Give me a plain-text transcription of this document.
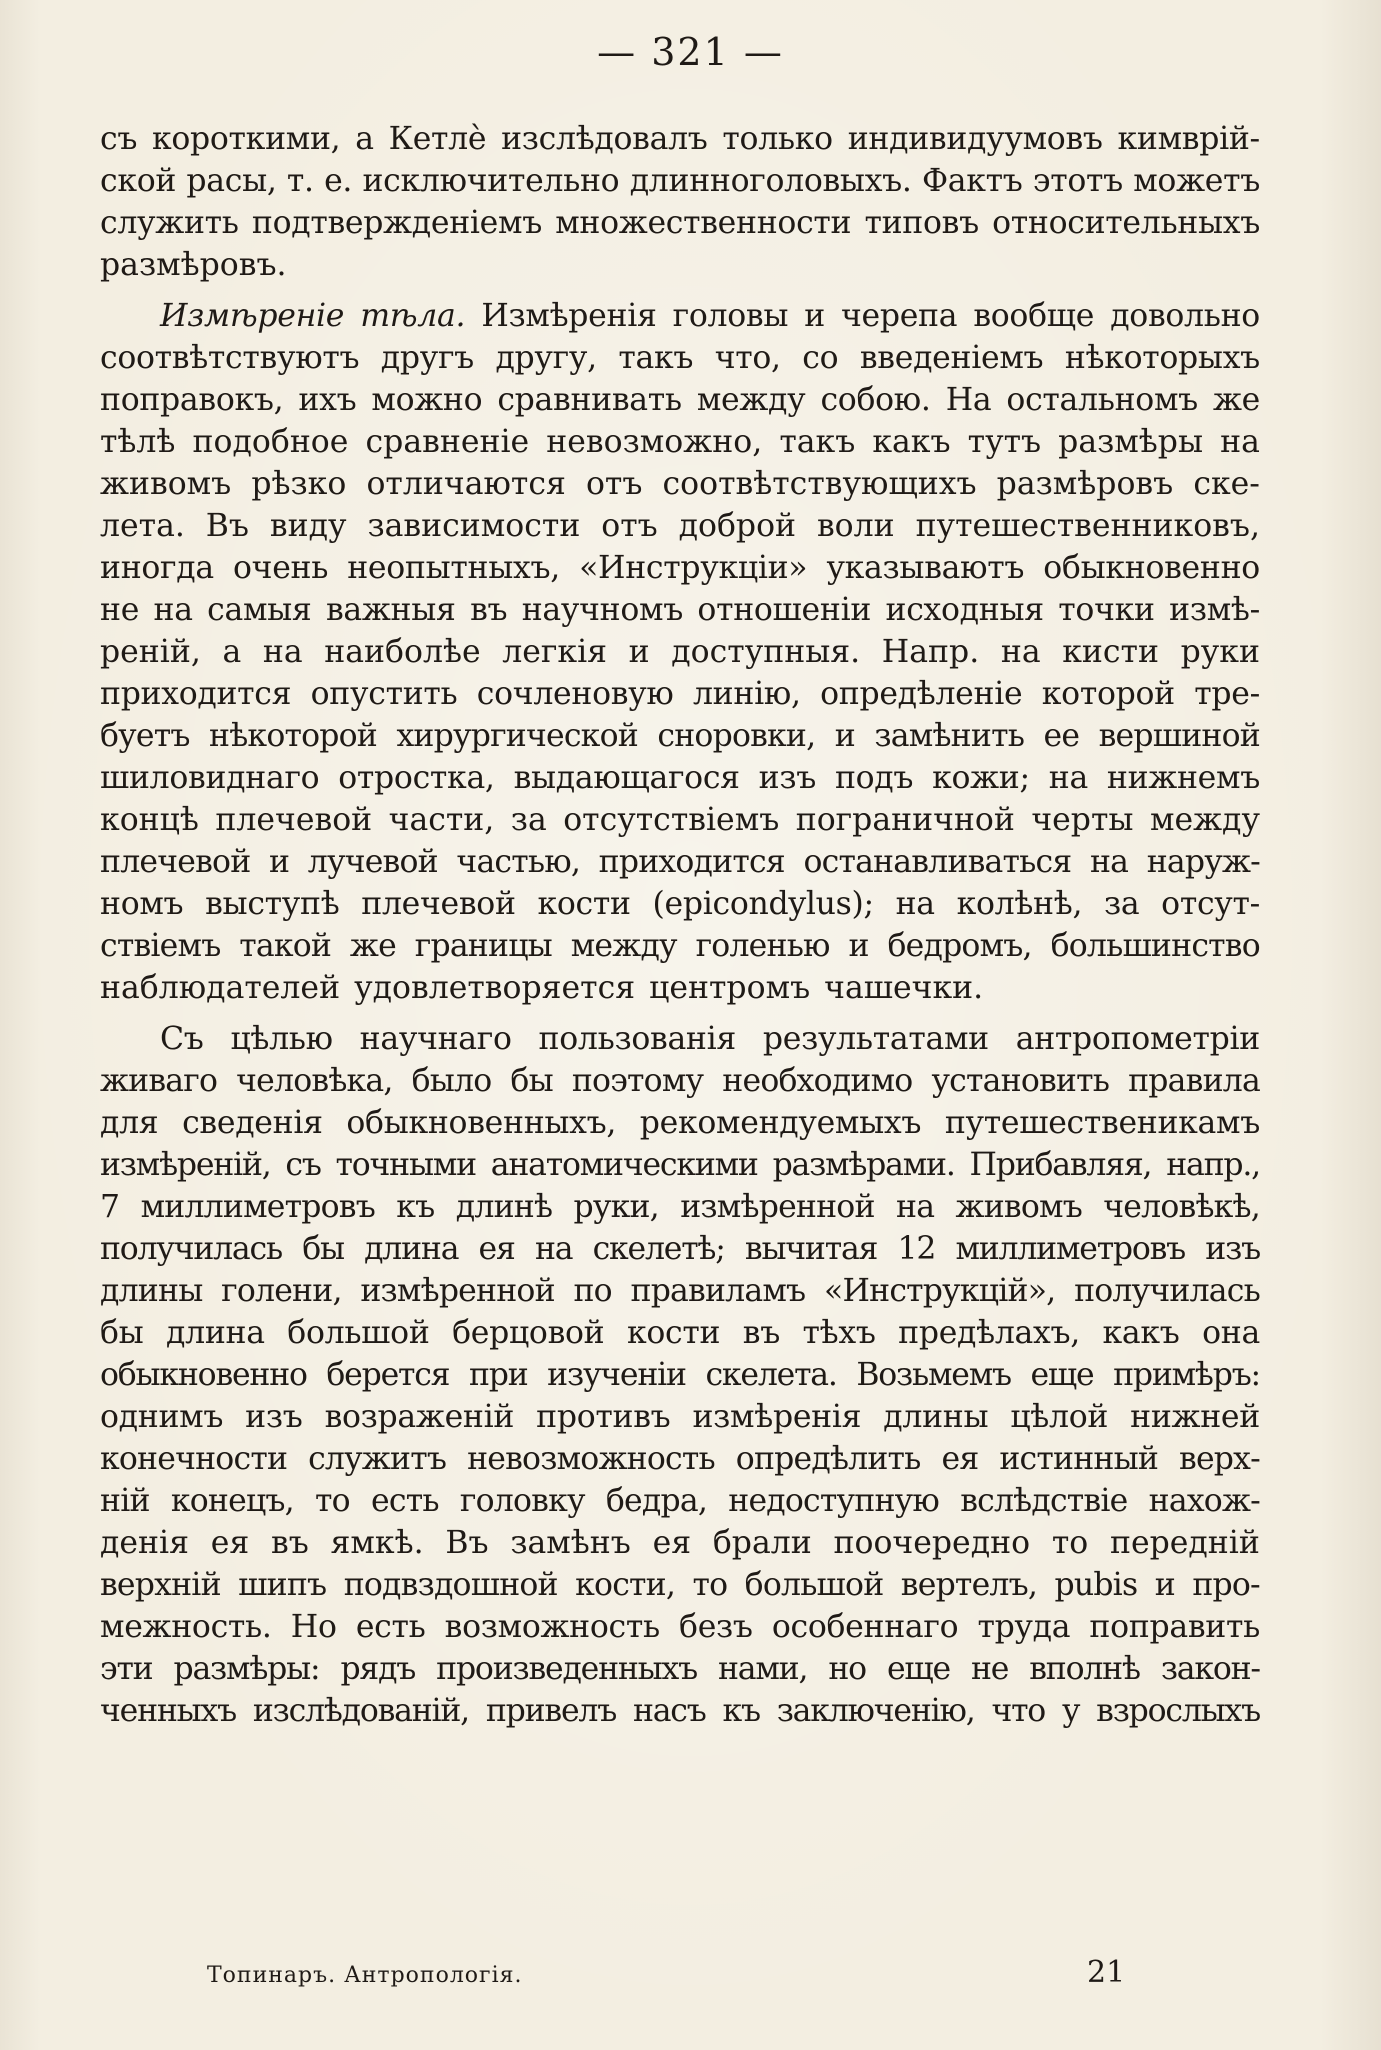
— 321 —
съ короткими, а Кетлè изслѣдовалъ только индивидуумовъ кимврій-
ской расы, т. е. исключительно длинноголовыхъ. Фактъ этотъ можетъ
служить подтвержденіемъ множественности типовъ относительныхъ
размѣровъ.
Измѣреніе тѣла. Измѣренія головы и черепа вообще довольно
соотвѣтствуютъ другъ другу, такъ что, со введеніемъ нѣкоторыхъ
поправокъ, ихъ можно сравнивать между собою. На остальномъ же
тѣлѣ подобное сравненіе невозможно, такъ какъ тутъ размѣры на
живомъ рѣзко отличаются отъ соотвѣтствующихъ размѣровъ ске-
лета. Въ виду зависимости отъ доброй воли путешественниковъ,
иногда очень неопытныхъ, «Инструкціи» указываютъ обыкновенно
не на самыя важныя въ научномъ отношеніи исходныя точки измѣ-
реній, а на наиболѣе легкія и доступныя. Напр. на кисти руки
приходится опустить сочленовую линію, опредѣленіе которой тре-
буетъ нѣкоторой хирургической сноровки, и замѣнить ее вершиной
шиловиднаго отростка, выдающагося изъ подъ кожи; на нижнемъ
концѣ плечевой части, за отсутствіемъ пограничной черты между
плечевой и лучевой частью, приходится останавливаться на наруж-
номъ выступѣ плечевой кости (epicondylus); на колѣнѣ, за отсут-
ствіемъ такой же границы между голенью и бедромъ, большинство
наблюдателей удовлетворяется центромъ чашечки.
Съ цѣлью научнаго пользованія результатами антропометріи
живаго человѣка, было бы поэтому необходимо установить правила
для сведенія обыкновенныхъ, рекомендуемыхъ путешественикамъ
измѣреній, съ точными анатомическими размѣрами. Прибавляя, напр.,
7 миллиметровъ къ длинѣ руки, измѣренной на живомъ человѣкѣ,
получилась бы длина ея на скелетѣ; вычитая 12 миллиметровъ изъ
длины голени, измѣренной по правиламъ «Инструкцій», получилась
бы длина большой берцовой кости въ тѣхъ предѣлахъ, какъ она
обыкновенно берется при изученіи скелета. Возьмемъ еще примѣръ:
однимъ изъ возраженій противъ измѣренія длины цѣлой нижней
конечности служитъ невозможность опредѣлить ея истинный верх-
ній конецъ, то есть головку бедра, недоступную вслѣдствіе нахож-
денія ея въ ямкѣ. Въ замѣнъ ея брали поочередно то передній
верхній шипъ подвздошной кости, то большой вертелъ, pubis и про-
межность. Но есть возможность безъ особеннаго труда поправить
эти размѣры: рядъ произведенныхъ нами, но еще не вполнѣ закон-
ченныхъ изслѣдованій, привелъ насъ къ заключенію, что у взрослыхъ
Топинаръ. Антропологія.	21
